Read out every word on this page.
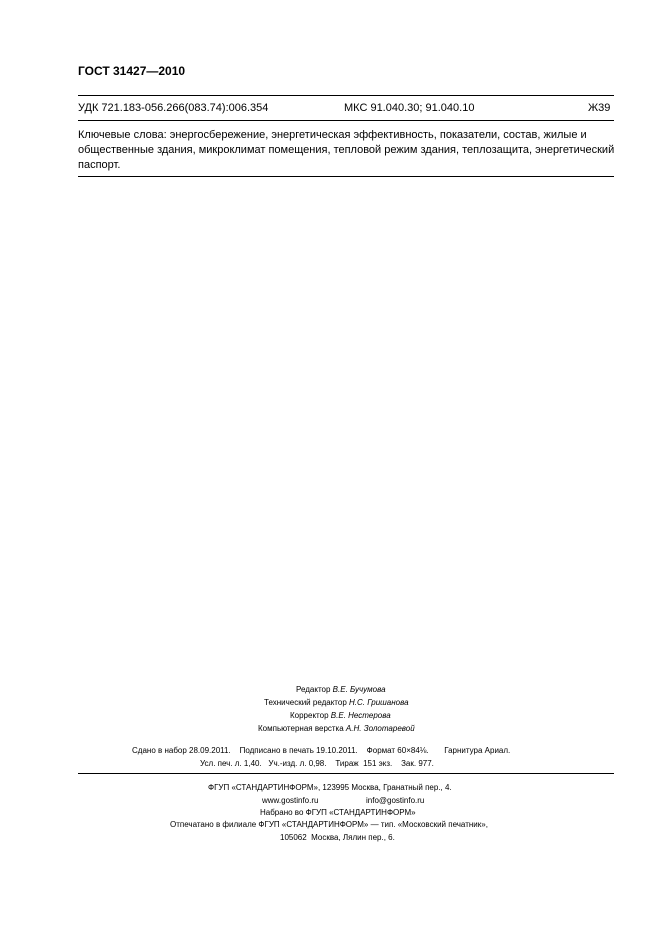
ГОСТ 31427—2010
УДК 721.183-056.266(083.74):006.354	МКС 91.040.30; 91.040.10	Ж39
Ключевые слова: энергосбережение, энергетическая эффективность, показатели, состав, жилые и общественные здания, микроклимат помещения, тепловой режим здания, теплозащита, энергетический паспорт.
Редактор В.Е. Бучумова
Технический редактор Н.С. Гришанова
Корректор В.Е. Нестерова
Компьютерная верстка А.Н. Золотаревой
Сдано в набор 28.09.2011.    Подписано в печать 19.10.2011.    Формат 60×84⅛.       Гарнитура Ариал.
Усл. печ. л. 1,40.   Уч.-изд. л. 0,98.    Тираж  151 экз.    Зак. 977.
ФГУП «СТАНДАРТИНФОРМ», 123995 Москва, Гранатный пер., 4.
www.gostinfo.ru	info@gostinfo.ru
Набрано во ФГУП «СТАНДАРТИНФОРМ»
Отпечатано в филиале ФГУП «СТАНДАРТИНФОРМ» — тип. «Московский печатник»,
105062  Москва, Лялин пер., 6.
